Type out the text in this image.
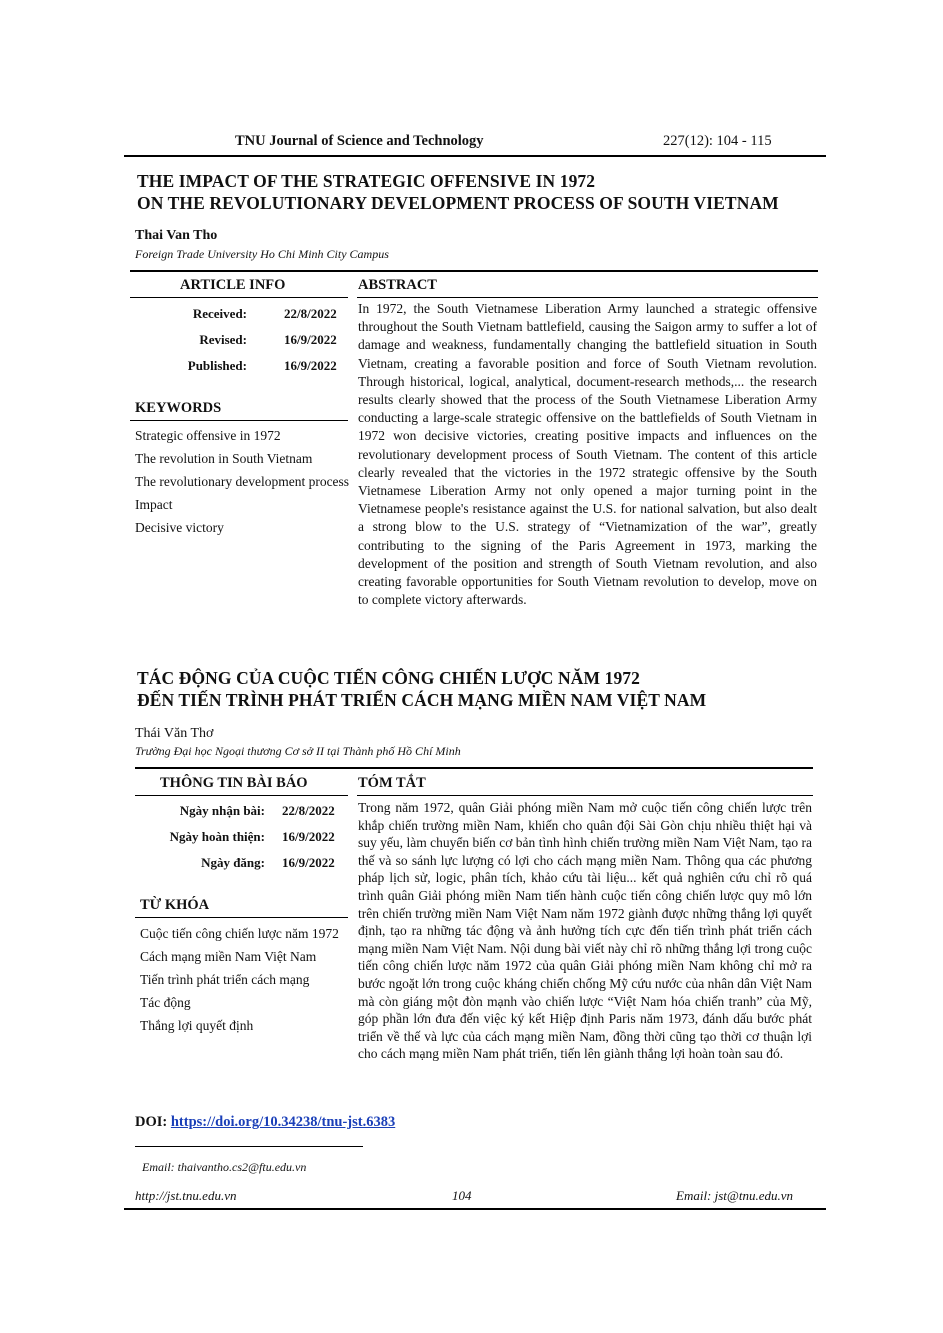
TNU Journal of Science and Technology	227(12): 104 - 115
THE IMPACT OF THE STRATEGIC OFFENSIVE IN 1972
ON THE REVOLUTIONARY DEVELOPMENT PROCESS OF SOUTH VIETNAM
Thai Van Tho
Foreign Trade University Ho Chi Minh City Campus
ARTICLE INFO	ABSTRACT
Received:	22/8/2022
Revised:	16/9/2022
Published:	16/9/2022
KEYWORDS
Strategic offensive in 1972
The revolution in South Vietnam
The revolutionary development process
Impact
Decisive victory
In 1972, the South Vietnamese Liberation Army launched a strategic offensive throughout the South Vietnam battlefield, causing the Saigon army to suffer a lot of damage and weakness, fundamentally changing the battlefield situation in South Vietnam, creating a favorable position and force of South Vietnam revolution. Through historical, logical, analytical, document-research methods,... the research results clearly showed that the process of the South Vietnamese Liberation Army conducting a large-scale strategic offensive on the battlefields of South Vietnam in 1972 won decisive victories, creating positive impacts and influences on the revolutionary development process of South Vietnam. The content of this article clearly revealed that the victories in the 1972 strategic offensive by the South Vietnamese Liberation Army not only opened a major turning point in the Vietnamese people's resistance against the U.S. for national salvation, but also dealt a strong blow to the U.S. strategy of “Vietnamization of the war”, greatly contributing to the signing of the Paris Agreement in 1973, marking the development of the position and strength of South Vietnam revolution, and also creating favorable opportunities for South Vietnam revolution to develop, move on to complete victory afterwards.
TÁC ĐỘNG CỦA CUỘC TIẾN CÔNG CHIẾN LƯỢC NĂM 1972
ĐẾN TIẾN TRÌNH PHÁT TRIỂN CÁCH MẠNG MIỀN NAM VIỆT NAM
Thái Văn Thơ
Trường Đại học Ngoại thương Cơ sở II tại Thành phố Hồ Chí Minh
THÔNG TIN BÀI BÁO	TÓM TẮT
Ngày nhận bài: 22/8/2022
Ngày hoàn thiện: 16/9/2022
Ngày đăng: 16/9/2022
TỪ KHÓA
Cuộc tiến công chiến lược năm 1972
Cách mạng miền Nam Việt Nam
Tiến trình phát triển cách mạng
Tác động
Thắng lợi quyết định
Trong năm 1972, quân Giải phóng miền Nam mở cuộc tiến công chiến lược trên khắp chiến trường miền Nam, khiến cho quân đội Sài Gòn chịu nhiều thiệt hại và suy yếu, làm chuyển biến cơ bản tình hình chiến trường miền Nam Việt Nam, tạo ra thế và so sánh lực lượng có lợi cho cách mạng miền Nam. Thông qua các phương pháp lịch sử, logic, phân tích, khảo cứu tài liệu... kết quả nghiên cứu chỉ rõ quá trình quân Giải phóng miền Nam tiến hành cuộc tiến công chiến lược quy mô lớn trên chiến trường miền Nam Việt Nam năm 1972 giành được những thắng lợi quyết định, tạo ra những tác động và ảnh hưởng tích cực đến tiến trình phát triển cách mạng miền Nam Việt Nam. Nội dung bài viết này chỉ rõ những thắng lợi trong cuộc tiến công chiến lược năm 1972 của quân Giải phóng miền Nam không chỉ mở ra bước ngoặt lớn trong cuộc kháng chiến chống Mỹ cứu nước của nhân dân Việt Nam mà còn giáng một đòn mạnh vào chiến lược “Việt Nam hóa chiến tranh” của Mỹ, góp phần lớn đưa đến việc ký kết Hiệp định Paris năm 1973, đánh dấu bước phát triển về thế và lực của cách mạng miền Nam, đồng thời cũng tạo thời cơ thuận lợi cho cách mạng miền Nam phát triển, tiến lên giành thắng lợi hoàn toàn sau đó.
DOI: https://doi.org/10.34238/tnu-jst.6383
Email: thaivantho.cs2@ftu.edu.vn
http://jst.tnu.edu.vn	104	Email: jst@tnu.edu.vn
